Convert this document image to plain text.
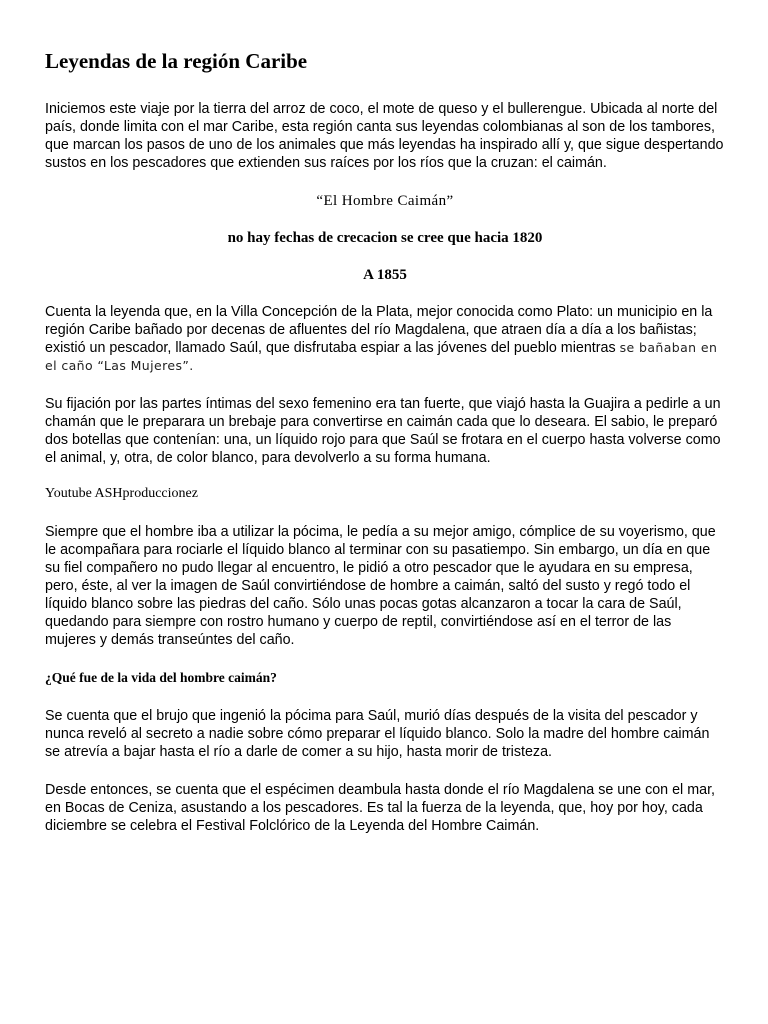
Leyendas de la región Caribe

Iniciemos este viaje por la tierra del arroz de coco, el mote de queso y el bullerengue. Ubicada al norte del país, donde limita con el mar Caribe, esta región canta sus leyendas colombianas al son de los tambores, que marcan los pasos de uno de los animales que más leyendas ha inspirado allí y, que sigue despertando sustos en los pescadores que extienden sus raíces por los ríos que la cruzan: el caimán.

“El Hombre Caimán”

no hay fechas de crecacion se cree que hacia 1820

A 1855

Cuenta la leyenda que, en la Villa Concepción de la Plata, mejor conocida como Plato: un municipio en la región Caribe bañado por decenas de afluentes del río Magdalena, que atraen día a día a los bañistas; existió un pescador, llamado Saúl, que disfrutaba espiar a las jóvenes del pueblo mientras se bañaban en el caño “Las Mujeres”.

Su fijación por las partes íntimas del sexo femenino era tan fuerte, que viajó hasta la Guajira a pedirle a un chamán que le preparara un brebaje para convertirse en caimán cada que lo deseara. El sabio, le preparó dos botellas que contenían: una, un líquido rojo para que Saúl se frotara en el cuerpo hasta volverse como el animal, y, otra, de color blanco, para devolverlo a su forma humana.

Youtube ASHproduccionez

Siempre que el hombre iba a utilizar la pócima, le pedía a su mejor amigo, cómplice de su voyerismo, que le acompañara para rociarle el líquido blanco al terminar con su pasatiempo. Sin embargo, un día en que su fiel compañero no pudo llegar al encuentro, le pidió a otro pescador que le ayudara en su empresa, pero, éste, al ver la imagen de Saúl convirtiéndose de hombre a caimán, saltó del susto y regó todo el líquido blanco sobre las piedras del caño. Sólo unas pocas gotas alcanzaron a tocar la cara de Saúl, quedando para siempre con rostro humano y cuerpo de reptil, convirtiéndose así en el terror de las mujeres y demás transeúntes del caño.

¿Qué fue de la vida del hombre caimán?

Se cuenta que el brujo que ingenió la pócima para Saúl, murió días después de la visita del pescador y nunca reveló al secreto a nadie sobre cómo preparar el líquido blanco. Solo la madre del hombre caimán se atrevía a bajar hasta el río a darle de comer a su hijo, hasta morir de tristeza.

Desde entonces, se cuenta que el espécimen deambula hasta donde el río Magdalena se une con el mar, en Bocas de Ceniza, asustando a los pescadores. Es tal la fuerza de la leyenda, que, hoy por hoy, cada diciembre se celebra el Festival Folclórico de la Leyenda del Hombre Caimán.
